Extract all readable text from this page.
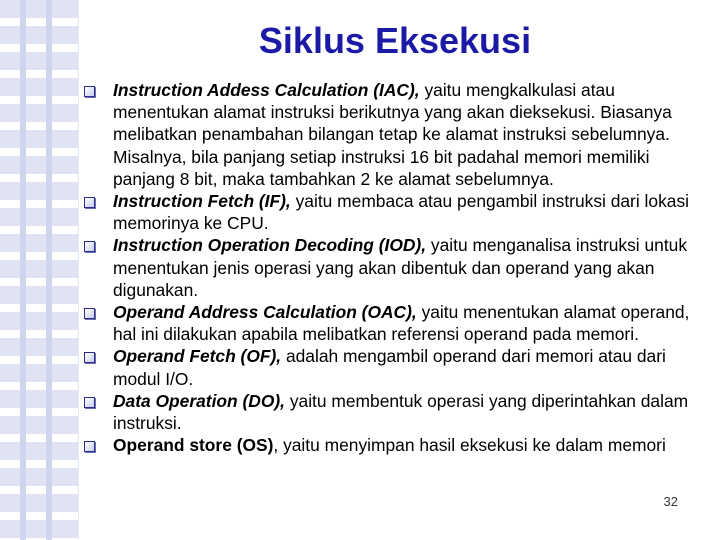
Siklus Eksekusi
Instruction Addess Calculation (IAC), yaitu mengkalkulasi atau menentukan alamat instruksi berikutnya yang akan dieksekusi. Biasanya melibatkan penambahan bilangan tetap ke alamat instruksi sebelumnya. Misalnya, bila panjang setiap instruksi 16 bit padahal memori memiliki panjang 8 bit, maka tambahkan 2 ke alamat sebelumnya.
Instruction Fetch (IF), yaitu membaca atau pengambil instruksi dari lokasi memorinya ke CPU.
Instruction Operation Decoding (IOD), yaitu menganalisa instruksi untuk menentukan jenis operasi yang akan dibentuk dan operand yang akan digunakan.
Operand Address Calculation (OAC), yaitu menentukan alamat operand, hal ini dilakukan apabila melibatkan referensi operand pada memori.
Operand Fetch (OF), adalah mengambil operand dari memori atau dari modul I/O.
Data Operation (DO), yaitu membentuk operasi yang diperintahkan dalam instruksi.
Operand store (OS), yaitu menyimpan hasil eksekusi ke dalam memori
32
